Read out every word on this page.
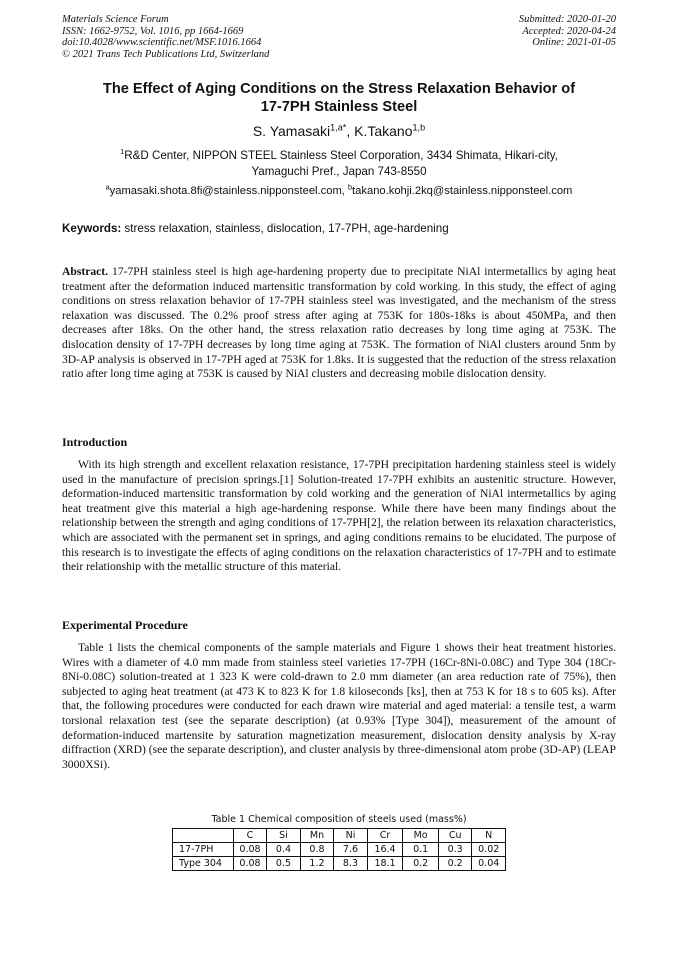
Materials Science Forum
ISSN: 1662-9752, Vol. 1016, pp 1664-1669
doi:10.4028/www.scientific.net/MSF.1016.1664
© 2021 Trans Tech Publications Ltd, Switzerland
Submitted: 2020-01-20
Accepted: 2020-04-24
Online: 2021-01-05
The Effect of Aging Conditions on the Stress Relaxation Behavior of
17-7PH Stainless Steel
S. Yamasaki$^{1,a*}$, K.Takano$^{1,b}$
$^1$R&D Center, NIPPON STEEL Stainless Steel Corporation, 3434 Shimata, Hikari-city,
Yamaguchi Pref., Japan 743-8550
$^a$yamasaki.shota.8fi@stainless.nipponsteel.com, $^b$takano.kohji.2kq@stainless.nipponsteel.com
Keywords: stress relaxation, stainless, dislocation, 17-7PH, age-hardening
Abstract. 17-7PH stainless steel is high age-hardening property due to precipitate NiAl intermetallics by aging heat treatment after the deformation induced martensitic transformation by cold working. In this study, the effect of aging conditions on stress relaxation behavior of 17-7PH stainless steel was investigated, and the mechanism of the stress relaxation was discussed. The 0.2% proof stress after aging at 753K for 180s-18ks is about 450MPa, and then decreases after 18ks. On the other hand, the stress relaxation ratio decreases by long time aging at 753K. The dislocation density of 17-7PH decreases by long time aging at 753K. The formation of NiAl clusters around 5nm by 3D-AP analysis is observed in 17-7PH aged at 753K for 1.8ks. It is suggested that the reduction of the stress relaxation ratio after long time aging at 753K is caused by NiAl clusters and decreasing mobile dislocation density.
Introduction
With its high strength and excellent relaxation resistance, 17-7PH precipitation hardening stainless steel is widely used in the manufacture of precision springs.[1] Solution-treated 17-7PH exhibits an austenitic structure. However, deformation-induced martensitic transformation by cold working and the generation of NiAl intermetallics by aging heat treatment give this material a high age-hardening response. While there have been many findings about the relationship between the strength and aging conditions of 17-7PH[2], the relation between its relaxation characteristics, which are associated with the permanent set in springs, and aging conditions remains to be elucidated. The purpose of this research is to investigate the effects of aging conditions on the relaxation characteristics of 17-7PH and to estimate their relationship with the metallic structure of this material.
Experimental Procedure
Table 1 lists the chemical components of the sample materials and Figure 1 shows their heat treatment histories. Wires with a diameter of 4.0 mm made from stainless steel varieties 17-7PH (16Cr-8Ni-0.08C) and Type 304 (18Cr-8Ni-0.08C) solution-treated at 1 323 K were cold-drawn to 2.0 mm diameter (an area reduction rate of 75%), then subjected to aging heat treatment (at 473 K to 823 K for 1.8 kiloseconds [ks], then at 753 K for 18 s to 605 ks). After that, the following procedures were conducted for each drawn wire material and aged material: a tensile test, a warm torsional relaxation test (see the separate description) (at 0.93% [Type 304]), measurement of the amount of deformation-induced martensite by saturation magnetization measurement, dislocation density analysis by X-ray diffraction (XRD) (see the separate description), and cluster analysis by three-dimensional atom probe (3D-AP) (LEAP 3000XSi).
Table 1 Chemical composition of steels used (mass%)
	C	Si	Mn	Ni	Cr	Mo	Cu	N
17-7PH	0.08	0.4	0.8	7.6	16.4	0.1	0.3	0.02
Type 304	0.08	0.5	1.2	8.3	18.1	0.2	0.2	0.04
